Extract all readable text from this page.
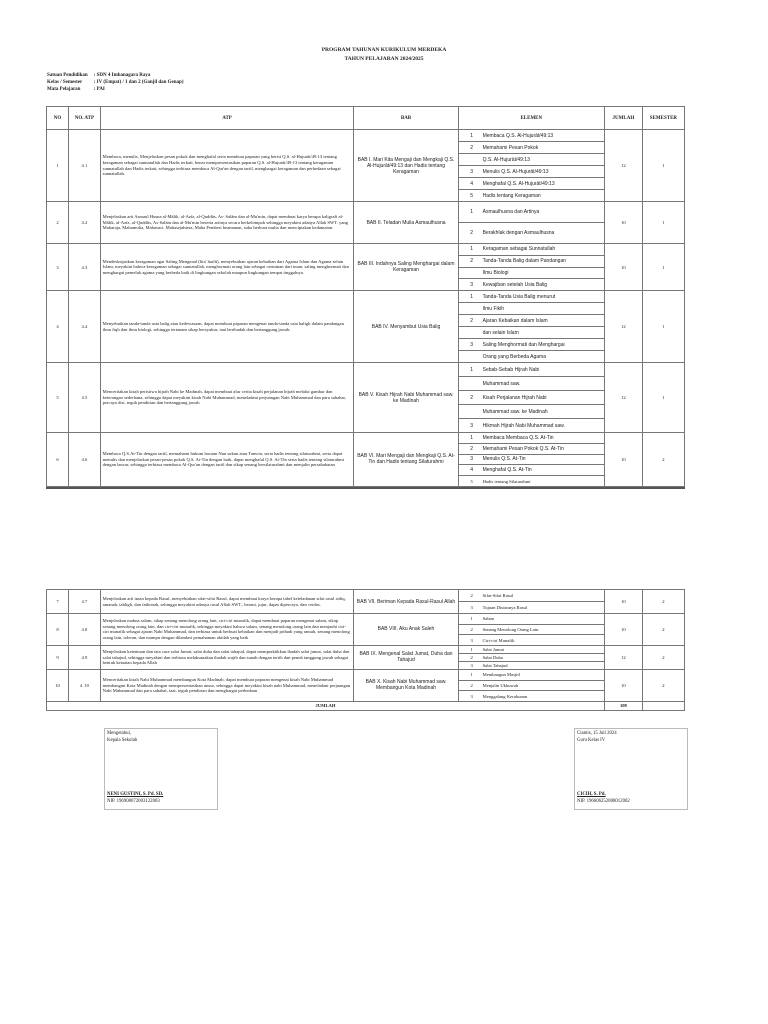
PROGRAM TAHUNAN KURIKULUM MERDEKA
TAHUN PELAJARAN 2024/2025
Satuan Pendidikan	: SDN 4 Imbanagara Raya
Kelas / Semester	: IV (Empat) / 1 dan 2 (Ganjil dan Genap)
Mata Pelajaran	: PAI
NO	NO. ATP	ATP	BAB	ELEMEN	JUMLAH	SEMESTER
1	4.1	Membaca, menulis, Menjelaskan pesan pokok dan menghafal serta membuat paparan yang berisi Q.S. al-Hujurāt/49:13 tentang keragaman sebagai sunnatullah dan Hadis terkait, benar mempresentasikan paparan Q.S. al-Hujurāt/49:13 tentang keragaman sunnatullah dan Hadis terkait, sehingga terbiasa membaca Al-Qur'an dengan tartil, menghargai keragaman dan perbedaan sebagai sunnatullah.	BAB I. Mari Kita Mengaji dan Mengkaji Q.S. Al-Hujurāt/49:13 dan Hadis tentang Keragaman	1 Membaca Q.S. Al-Hujurāt/49:13	12	1
				2 Memahami Pesan Pokok		
				Q.S. Al-Hujurāt/49:13		
				3 Menulis Q.S. Al-Hujurāt/49:13		
				4 Menghafal Q.S. Al-Hujurāt/49:13		
				5 Hadis tentang Keragaman		
2	4.2	Menjelaskan arti Asmaul Husna al-Mālik, al-Azīz, al-Quddūs, As- Salām dan al-Mu'min, dapat membuat karya berupa kaligrafi al-Mālik, al-Azīz, al-Quddūs, As-Salām dan al-Mu'min beserta artinya secara berkelompok sehingga meyakini adanya Allah SWT. yang Maharaja, Mahamulia, Mahasuci, Mahasejahtera, Maha Pemberi keamanan, suka berbuat mulia dan menciptakan kedamaian.	BAB II. Teladan Mulia Asmaulhusna	1 Asmaulhusna dan Artinya	10	1
				2 Berakhlak dengan Asmaulhusna		
3	4.3	Mendeskripsikan keragaman agar Saling Mengenal (lita' ārafū), menyebutkan ajaran kebaikan dari Agama Islam dan Agama selain Islam, meyakini bahwa keragaman sebagai sunnatullah, menghormati orang lain sebagai cerminan dari iman, saling menghormati dan menghargai pemeluk agama yang berbeda baik di lingkungan sekolah maupun lingkungan tempat tinggalnya.	BAB III. Indahnya Saling Menghargai dalam Keragaman	1 Keragaman sebagai Sunnatullah	10	1
				2 Tanda-Tanda Balig dalam Pandangan		
				Ilmu Biologi		
				3 Kewajiban setelah Usia Balig		
4	4.4	Menyebutkan tanda-tanda usia balig atau kedewasaan, dapat membuat paparan mengenai tanda-tanda usia baligh dalam pandangan ilmu fiqh dan ilmu biologi, sehingga tertanam sikap bersyukur, taat beribadah dan bertanggung jawab.	BAB IV. Menyambut Usia Balig	1 Tanda-Tanda Usia Balig menurut	12	1
				Ilmu Fikih		
				2 Ajaran Kebaikan dalam Islam		
				dan selain Islam		
				3 Saling Menghormati dan Menghargai		
				Orang yang Berbeda Agama		
5	4.5	Menceritakan kisah peristiwa hijrah Nabi ke Madinah, dapat membuat alur cerita kisah perjalanan hijrah melalui gambar dan keterangan sederhana, sehingga dapat meyakini kisah Nabi Muhammad, meneladani perjuangan Nabi Muhammad dan para sahabat, percaya diri, teguh pendirian dan bertanggung jawab	BAB V. Kisah Hijrah Nabi Muhammad saw. ke Madinah	1 Sebab-Sebab Hijrah Nabi	12	1
				Muhammad saw.		
				2 Kisah Perjalanan Hijrah Nabi		
				Muhammad saw. ke Madinah		
				3 Hikmah Hijrah Nabi Muhammad saw.		
6	4.6	Membaca Q.S.At-Tin dengan tartil, memahami hukum bacaan Nun sukun atau Tanwin, serta hadis tentang silaturahmi, serta dapat menulis dan menjelaskan pesan-pesan pokok Q.S. At-Tin dengan baik, dapat menghafal Q.S. At-Tīn serta hadis tentang silaturahmi dengan lancar, sehingga terbiasa membaca Al-Qur'an dengan tartil dan sikap senang bersilaturahmi dan menjalin persahabatan	BAB VI. Mari Mengaji dan Mengkaji Q.S. At-Tin dan Hadis tentang Silaturahmi	1 Membaca Membaca Q.S. At-Tin	10	2
				2 Memahami Pesan Pokok Q.S. At-Tin		
				3 Menulis Q.S. At-Tin		
				4 Menghafal Q.S. At-Tin		
				5 Hadis tentang Silaturahmi		
7	4.7	Menjelaskan arti iman kepada Rasul, menyebutkan sifat-sifat Rasul, dapat membuat karya berupa tabel keteladanan sifat rasul sidiq, amanah, tabligh, dan fathonah, sehingga meyakini adanya rasul Allah SWT., berani, jujur, dapat dipercaya, dan cerdas.	BAB VII. Beriman Kepada Rasul-Rasul Allah	2 Sifat-Sifat Rasul	10	2
				3 Tujuan Diutusnya Rasul		
8	4.8	Menjelaskan makna salam, sikap senang menolong orang lain, ciri-ciri munafik, dapat membuat paparan mengenai salam, sikap senang menolong orang lain, dan ciri-ciri munafik, sehingga meyakini bahwa salam, senang menolong orang lain dan menjauhi ciri-ciri munafik sebagai ajaran Nabi Muhammad, dan terbiasa untuk berbuat kebaikan dan menjadi pribadi yang ramah, senang menolong orang lain, toleran, dan mampu dengan dilandasi pemahaman akidah yang baik	BAB VIII. Aku Anak Saleh	1 Salam	10	2
				2 Senang Menolong Orang Lain		
				3 Ciri-ciri Munafik		
9	4.9	Menjelaskan ketentuan dan tata cara salat Jumat, salat duha dan salat tahajud, dapat mempraktikkan ibadah salat jumat, salat duha dan salat tahajud, sehingga meyakini dan terbiasa melaksanakan ibadah wajib dan sunah dengan tertib dan penuh tanggung jawab sebagai bentuk ketaatan kepada Allah	BAB IX. Mengenal Salat Jumat, Duha dan Tahajud	1 Salat Jumat	12	2
				2 Salat Duha		
				3 Salat Tahajud		
10	4. 10	Menceritakan kisah Nabi Muhammad membangun Kota Madinah, dapat membuat paparan mengenai kisah Nabi Muhammad membangun Kota Madinah dengan mempresentasikan unsur, sehingga dapat meyakini kisah nabi Muhammad, meneladani perjuangan Nabi Muhammad dan para sahabat, taat, teguh pendirian dan menghargai perbedaan	BAB X. Kisah Nabi Muhammad saw. Membangun Kota Madinah	1 Membangun Masjid	10	2
				2 Menjalin Ukhuwah		
				3 Menggalang Kerukunan		
JUMLAH					108	
Mengetahui,
Kepala Sekolah
NENI GUSTINI, S. Pd. SD.
NIP. 196908072003122003
Ciamis, 15 Juli 2024
Guru Kelas IV
CICIH, S. Pd.
NIP. 196606252008012002
